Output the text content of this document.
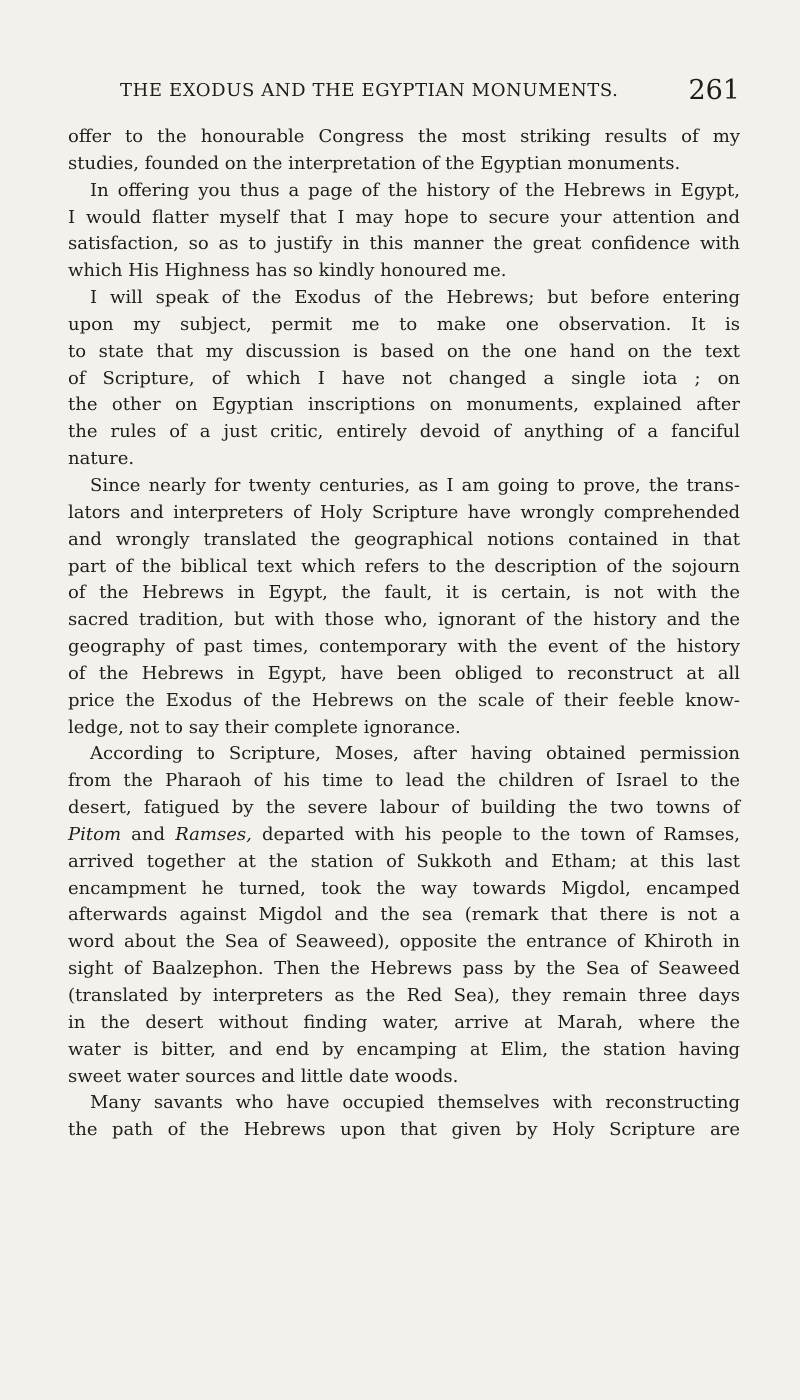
THE EXODUS AND THE EGYPTIAN MONUMENTS.	261
offer to the honourable Congress the most striking results of my
studies, founded on the interpretation of the Egyptian monuments.
In offering you thus a page of the history of the Hebrews in Egypt,
I would flatter myself that I may hope to secure your attention and
satisfaction, so as to justify in this manner the great confidence with
which His Highness has so kindly honoured me.
I will speak of the Exodus of the Hebrews; but before entering
upon my subject, permit me to make one observation. It is
to state that my discussion is based on the one hand on the text
of Scripture, of which I have not changed a single iota ; on
the other on Egyptian inscriptions on monuments, explained after
the rules of a just critic, entirely devoid of anything of a fanciful
nature.
Since nearly for twenty centuries, as I am going to prove, the trans-
lators and interpreters of Holy Scripture have wrongly comprehended
and wrongly translated the geographical notions contained in that
part of the biblical text which refers to the description of the sojourn
of the Hebrews in Egypt, the fault, it is certain, is not with the
sacred tradition, but with those who, ignorant of the history and the
geography of past times, contemporary with the event of the history
of the Hebrews in Egypt, have been obliged to reconstruct at all
price the Exodus of the Hebrews on the scale of their feeble know-
ledge, not to say their complete ignorance.
According to Scripture, Moses, after having obtained permission
from the Pharaoh of his time to lead the children of Israel to the
desert, fatigued by the severe labour of building the two towns of
Pitom and Ramses, departed with his people to the town of Ramses,
arrived together at the station of Sukkoth and Etham; at this last
encampment he turned, took the way towards Migdol, encamped
afterwards against Migdol and the sea (remark that there is not a
word about the Sea of Seaweed), opposite the entrance of Khiroth in
sight of Baalzephon. Then the Hebrews pass by the Sea of Seaweed
(translated by interpreters as the Red Sea), they remain three days
in the desert without finding water, arrive at Marah, where the
water is bitter, and end by encamping at Elim, the station having
sweet water sources and little date woods.
Many savants who have occupied themselves with reconstructing
the path of the Hebrews upon that given by Holy Scripture are
